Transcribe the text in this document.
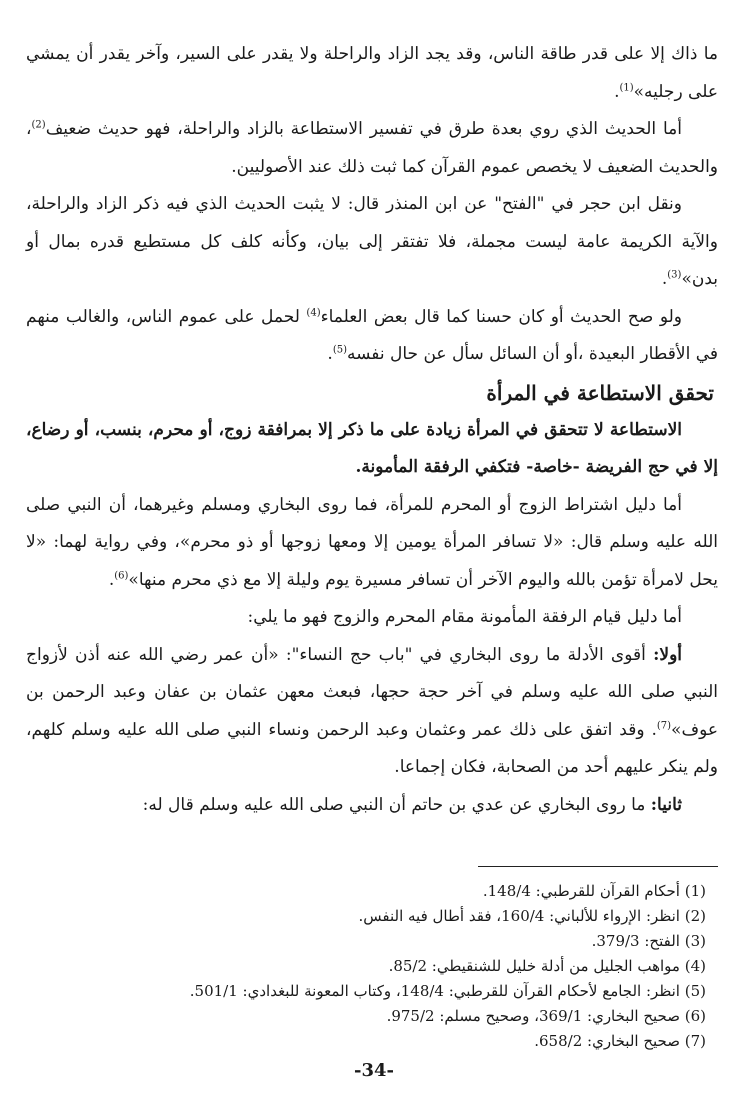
ما ذاك إلا على قدر طاقة الناس، وقد يجد الزاد والراحلة ولا يقدر على السير، وآخر يقدر أن يمشي على رجليه»$^{(1)}$.

أما الحديث الذي روي بعدة طرق في تفسير الاستطاعة بالزاد والراحلة، فهو حديث ضعيف$^{(2)}$، والحديث الضعيف لا يخصص عموم القرآن كما ثبت ذلك عند الأصوليين.

ونقل ابن حجر في "الفتح" عن ابن المنذر قال: لا يثبت الحديث الذي فيه ذكر الزاد والراحلة، والآية الكريمة عامة ليست مجملة، فلا تفتقر إلى بيان، وكأنه كلف كل مستطيع قدره بمال أو بدن»$^{(3)}$.

ولو صح الحديث أو كان حسنا كما قال بعض العلماء$^{(4)}$ لحمل على عموم الناس، والغالب منهم في الأقطار البعيدة ،أو أن السائل سأل عن حال نفسه$^{(5)}$.

تحقق الاستطاعة في المرأة

الاستطاعة لا تتحقق في المرأة زيادة على ما ذكر إلا بمرافقة زوج، أو محرم، بنسب، أو رضاع، إلا في حج الفريضة -خاصة- فتكفي الرفقة المأمونة.

أما دليل اشتراط الزوج أو المحرم للمرأة، فما روى البخاري ومسلم وغيرهما، أن النبي صلى الله عليه وسلم قال: «لا تسافر المرأة يومين إلا ومعها زوجها أو ذو محرم»، وفي رواية لهما: «لا يحل لامرأة تؤمن بالله واليوم الآخر أن تسافر مسيرة يوم وليلة إلا مع ذي محرم منها»$^{(6)}$.

أما دليل قيام الرفقة المأمونة مقام المحرم والزوج فهو ما يلي:

أولا: أقوى الأدلة ما روى البخاري في "باب حج النساء": «أن عمر رضي الله عنه أذن لأزواج النبي صلى الله عليه وسلم في آخر حجة حجها، فبعث معهن عثمان بن عفان وعبد الرحمن بن عوف»$^{(7)}$. وقد اتفق على ذلك عمر وعثمان وعبد الرحمن ونساء النبي صلى الله عليه وسلم كلهم، ولم ينكر عليهم أحد من الصحابة، فكان إجماعا.

ثانيا: ما روى البخاري عن عدي بن حاتم أن النبي صلى الله عليه وسلم قال له:

(1) أحكام القرآن للقرطبي: 148/4.
(2) انظر: الإرواء للألباني: 160/4، فقد أطال فيه النفس.
(3) الفتح: 379/3.
(4) مواهب الجليل من أدلة خليل للشنقيطي: 85/2.
(5) انظر: الجامع لأحكام القرآن للقرطبي: 148/4، وكتاب المعونة للبغدادي: 501/1.
(6) صحيح البخاري: 369/1، وصحيح مسلم: 975/2.
(7) صحيح البخاري: 658/2.
-34-
